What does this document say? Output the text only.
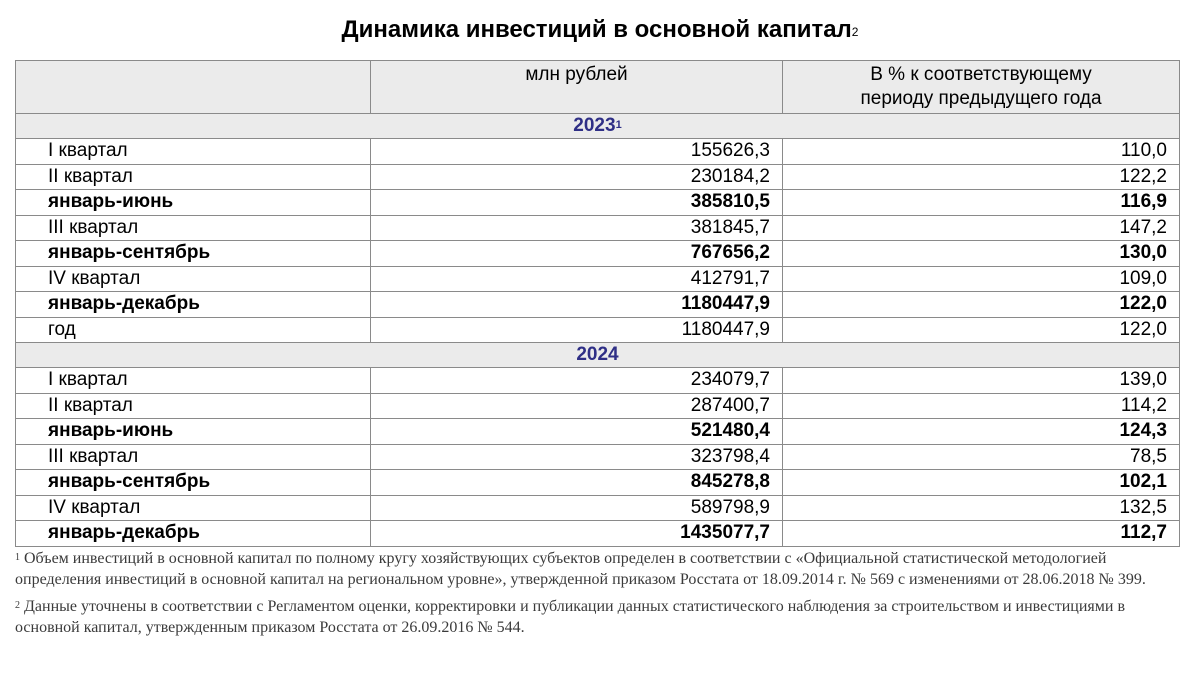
Динамика инвестиций в основной капитал$^2$
	млн рублей	В % к соответствующему периоду предыдущего года
2023$^1$
I квартал	155626,3	110,0
II квартал	230184,2	122,2
январь-июнь	385810,5	116,9
III квартал	381845,7	147,2
январь-сентябрь	767656,2	130,0
IV квартал	412791,7	109,0
январь-декабрь	1180447,9	122,0
год	1180447,9	122,0
2024		
I квартал	234079,7	139,0
II квартал	287400,7	114,2
январь-июнь	521480,4	124,3
III квартал	323798,4	78,5
январь-сентябрь	845278,8	102,1
IV квартал	589798,9	132,5
январь-декабрь	1435077,7	112,7

$^1$ Объем инвестиций в основной капитал по полному кругу хозяйствующих субъектов определен в соответствии с «Официальной статистической методологией определения инвестиций в основной капитал на региональном уровне», утвержденной приказом Росстата от 18.09.2014 г. № 569 с изменениями от 28.06.2018 № 399.

$^2$ Данные уточнены в соответствии с Регламентом оценки, корректировки и публикации данных статистического наблюдения за строительством и инвестициями в основной капитал, утвержденным приказом Росстата от 26.09.2016 № 544.
